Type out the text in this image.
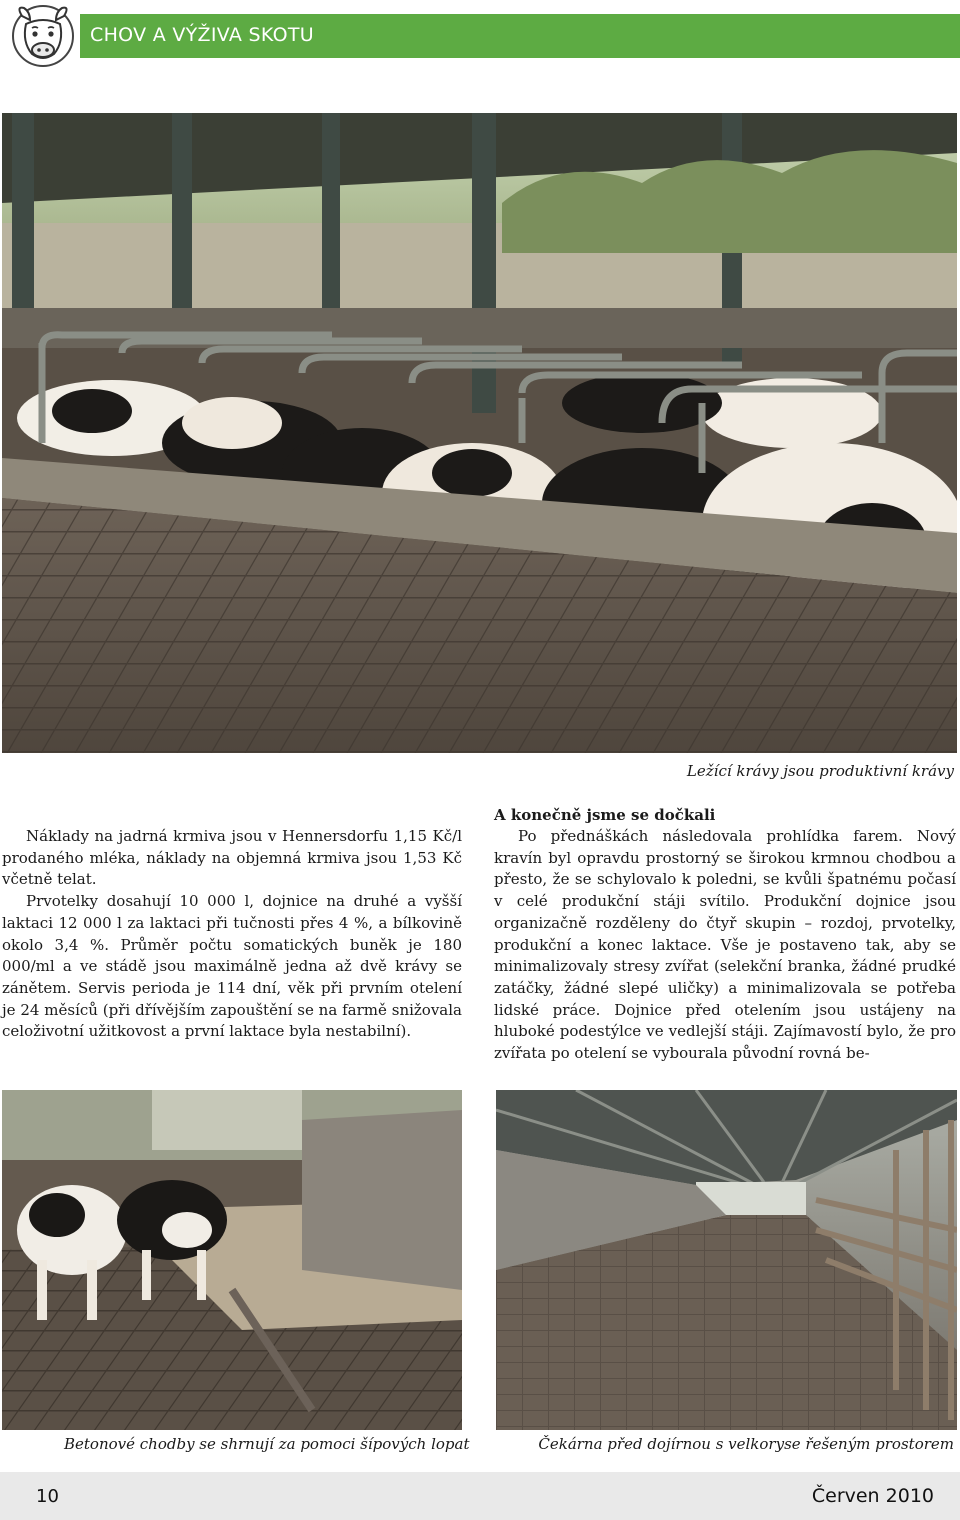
CHOV A VÝŽIVA SKOTU
Ležící krávy jsou produktivní krávy

Náklady na jadrná krmiva jsou v Hennersdorfu 1,15 Kč/l prodaného mléka, náklady na objemná krmiva jsou 1,53 Kč včetně telat.

Prvotelky dosahují 10 000 l, dojnice na druhé a vyšší laktaci 12 000 l za laktaci při tučnosti přes 4 %, a bílkovině okolo 3,4 %. Průměr počtu somatických buněk je 180 000/ml a ve stádě jsou maximálně jedna až dvě krávy se zánětem. Servis perioda je 114 dní, věk při prvním otelení je 24 měsíců (při dřívějším zapouštění se na farmě snižovala celoživotní užitkovost a první laktace byla nestabilní).

A konečně jsme se dočkali

Po přednáškách následovala prohlídka farem. Nový kravín byl opravdu prostorný se širokou krmnou chodbou a přesto, že se schylovalo k poledni, se kvůli špatnému počasí v celé produkční stáji svítilo. Produkční dojnice jsou organizačně rozděleny do čtyř skupin – rozdoj, prvotelky, produkční a konec laktace. Vše je postaveno tak, aby se minimalizovaly stresy zvířat (selekční branka, žádné prudké zatáčky, žádné slepé uličky) a minimalizovala se potřeba lidské práce. Dojnice před otelením jsou ustájeny na hluboké podestýlce ve vedlejší stáji. Zajímavostí bylo, že pro zvířata po otelení se vybourala původní rovná be-

Betonové chodby se shrnují za pomoci šípových lopat	Čekárna před dojírnou s velkoryse řešeným prostorem
10	Červen 2010
